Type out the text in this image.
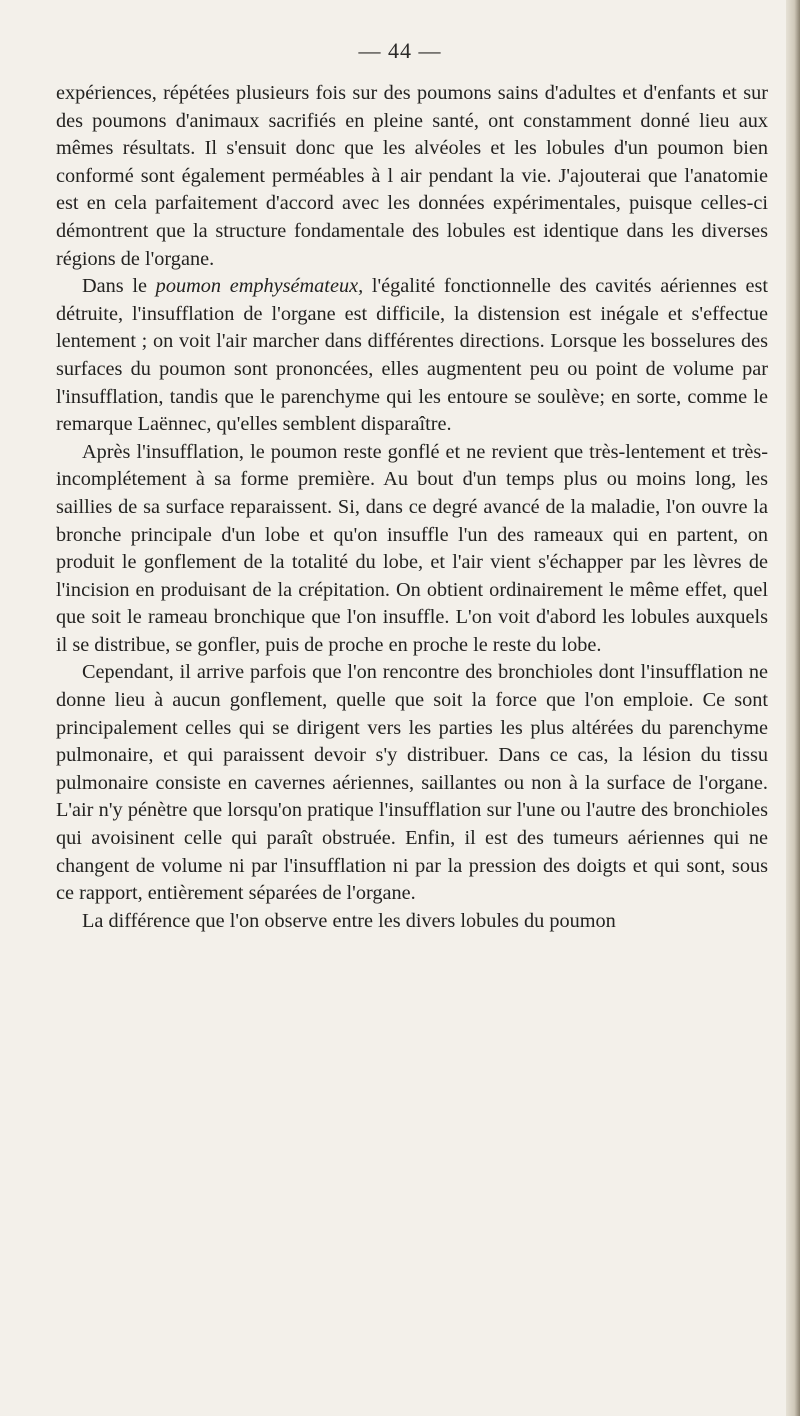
— 44 —

expériences, répétées plusieurs fois sur des poumons sains d'adultes et d'enfants et sur des poumons d'animaux sacrifiés en pleine santé, ont constamment donné lieu aux mêmes résultats. Il s'ensuit donc que les alvéoles et les lobules d'un poumon bien conformé sont également perméables à l air pendant la vie. J'ajouterai que l'anatomie est en cela parfaitement d'accord avec les données expérimentales, puisque celles-ci démontrent que la structure fondamentale des lobules est identique dans les diverses régions de l'organe.

Dans le poumon emphysémateux, l'égalité fonctionnelle des cavités aériennes est détruite, l'insufflation de l'organe est difficile, la distension est inégale et s'effectue lentement ; on voit l'air marcher dans différentes directions. Lorsque les bosselures des surfaces du poumon sont prononcées, elles augmentent peu ou point de volume par l'insufflation, tandis que le parenchyme qui les entoure se soulève; en sorte, comme le remarque Laënnec, qu'elles semblent disparaître.

Après l'insufflation, le poumon reste gonflé et ne revient que très-lentement et très-incomplétement à sa forme première. Au bout d'un temps plus ou moins long, les saillies de sa surface reparaissent. Si, dans ce degré avancé de la maladie, l'on ouvre la bronche principale d'un lobe et qu'on insuffle l'un des rameaux qui en partent, on produit le gonflement de la totalité du lobe, et l'air vient s'échapper par les lèvres de l'incision en produisant de la crépitation. On obtient ordinairement le même effet, quel que soit le rameau bronchique que l'on insuffle. L'on voit d'abord les lobules auxquels il se distribue, se gonfler, puis de proche en proche le reste du lobe.

Cependant, il arrive parfois que l'on rencontre des bronchioles dont l'insufflation ne donne lieu à aucun gonflement, quelle que soit la force que l'on emploie. Ce sont principalement celles qui se dirigent vers les parties les plus altérées du parenchyme pulmonaire, et qui paraissent devoir s'y distribuer. Dans ce cas, la lésion du tissu pulmonaire consiste en cavernes aériennes, saillantes ou non à la surface de l'organe. L'air n'y pénètre que lorsqu'on pratique l'insufflation sur l'une ou l'autre des bronchioles qui avoisinent celle qui paraît obstruée. Enfin, il est des tumeurs aériennes qui ne changent de volume ni par l'insufflation ni par la pression des doigts et qui sont, sous ce rapport, entièrement séparées de l'organe.

La différence que l'on observe entre les divers lobules du poumon
